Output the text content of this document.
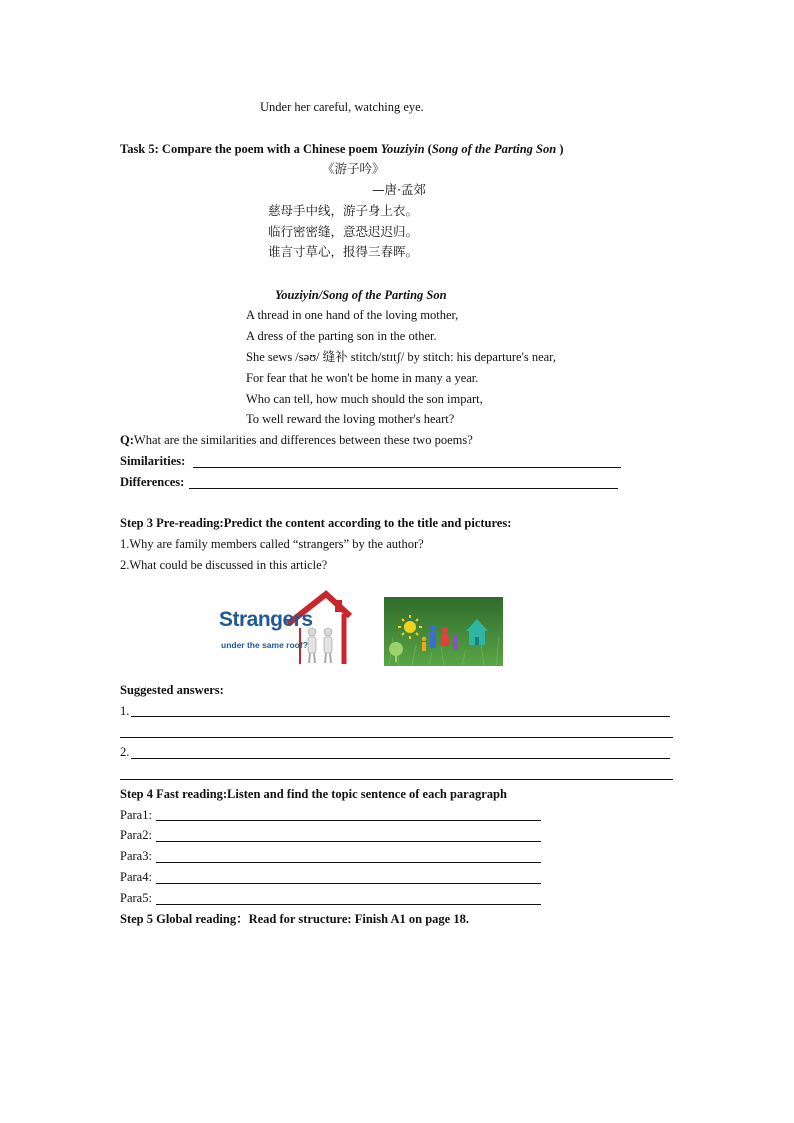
Under her careful, watching eye.
Task 5: Compare the poem with a Chinese poem Youziyin (Song of the Parting Son )
《游子吟》
—唐·孟郊
慈母手中线，游子身上衣。
临行密密缝，意恐迟迟归。
谁言寸草心，报得三春晖。
Youziyin/Song of the Parting Son
A thread in one hand of the loving mother,
A dress of the parting son in the other.
She sews /səʊ/ 缝补 stitch/stɪtʃ/ by stitch: his departure's near,
For fear that he won't be home in many a year.
Who can tell, how much should the son impart,
To well reward the loving mother's heart?
Q:What are the similarities and differences between these two poems?
Similarities:
Differences:
Step 3 Pre-reading:Predict the content according to the title and pictures:
1.Why are family members called “strangers” by the author?
2.What could be discussed in this article?
Strangers
under the same roof?
Suggested answers:
1.
2.
Step 4 Fast reading:Listen and find the topic sentence of each paragraph
Para1:
Para2:
Para3:
Para4:
Para5:
Step 5 Global reading：Read for structure: Finish A1 on page 18.
